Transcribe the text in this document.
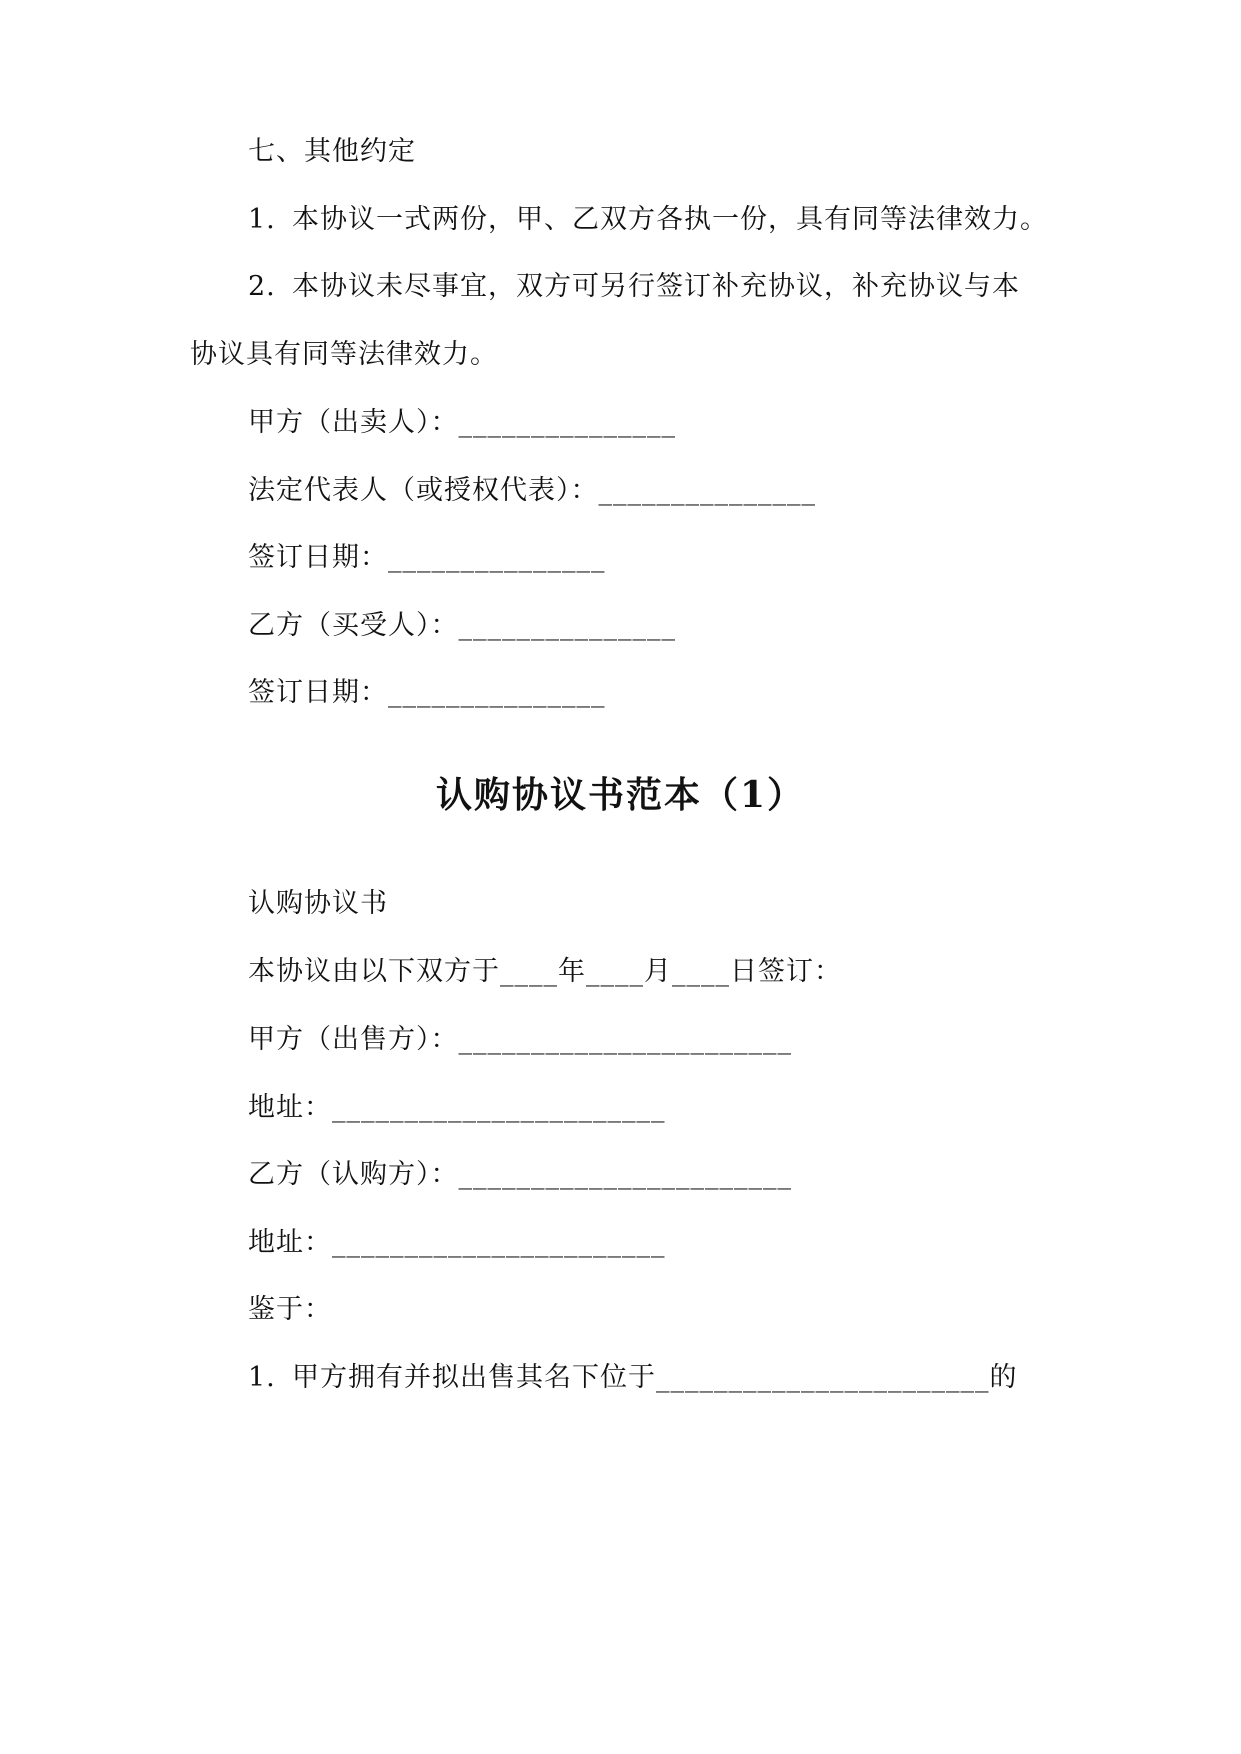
七、其他约定
1. 本协议一式两份，甲、乙双方各执一份，具有同等法律效力。
2. 本协议未尽事宜，双方可另行签订补充协议，补充协议与本
协议具有同等法律效力。
甲方（出卖人）：_______________
法定代表人（或授权代表）：_______________
签订日期：_______________
乙方（买受人）：_______________
签订日期：_______________
认购协议书范本（1）
认购协议书
本协议由以下双方于____年____月____日签订：
甲方（出售方）：_______________________
地址：_______________________
乙方（认购方）：_______________________
地址：_______________________
鉴于：
1. 甲方拥有并拟出售其名下位于_______________________的
